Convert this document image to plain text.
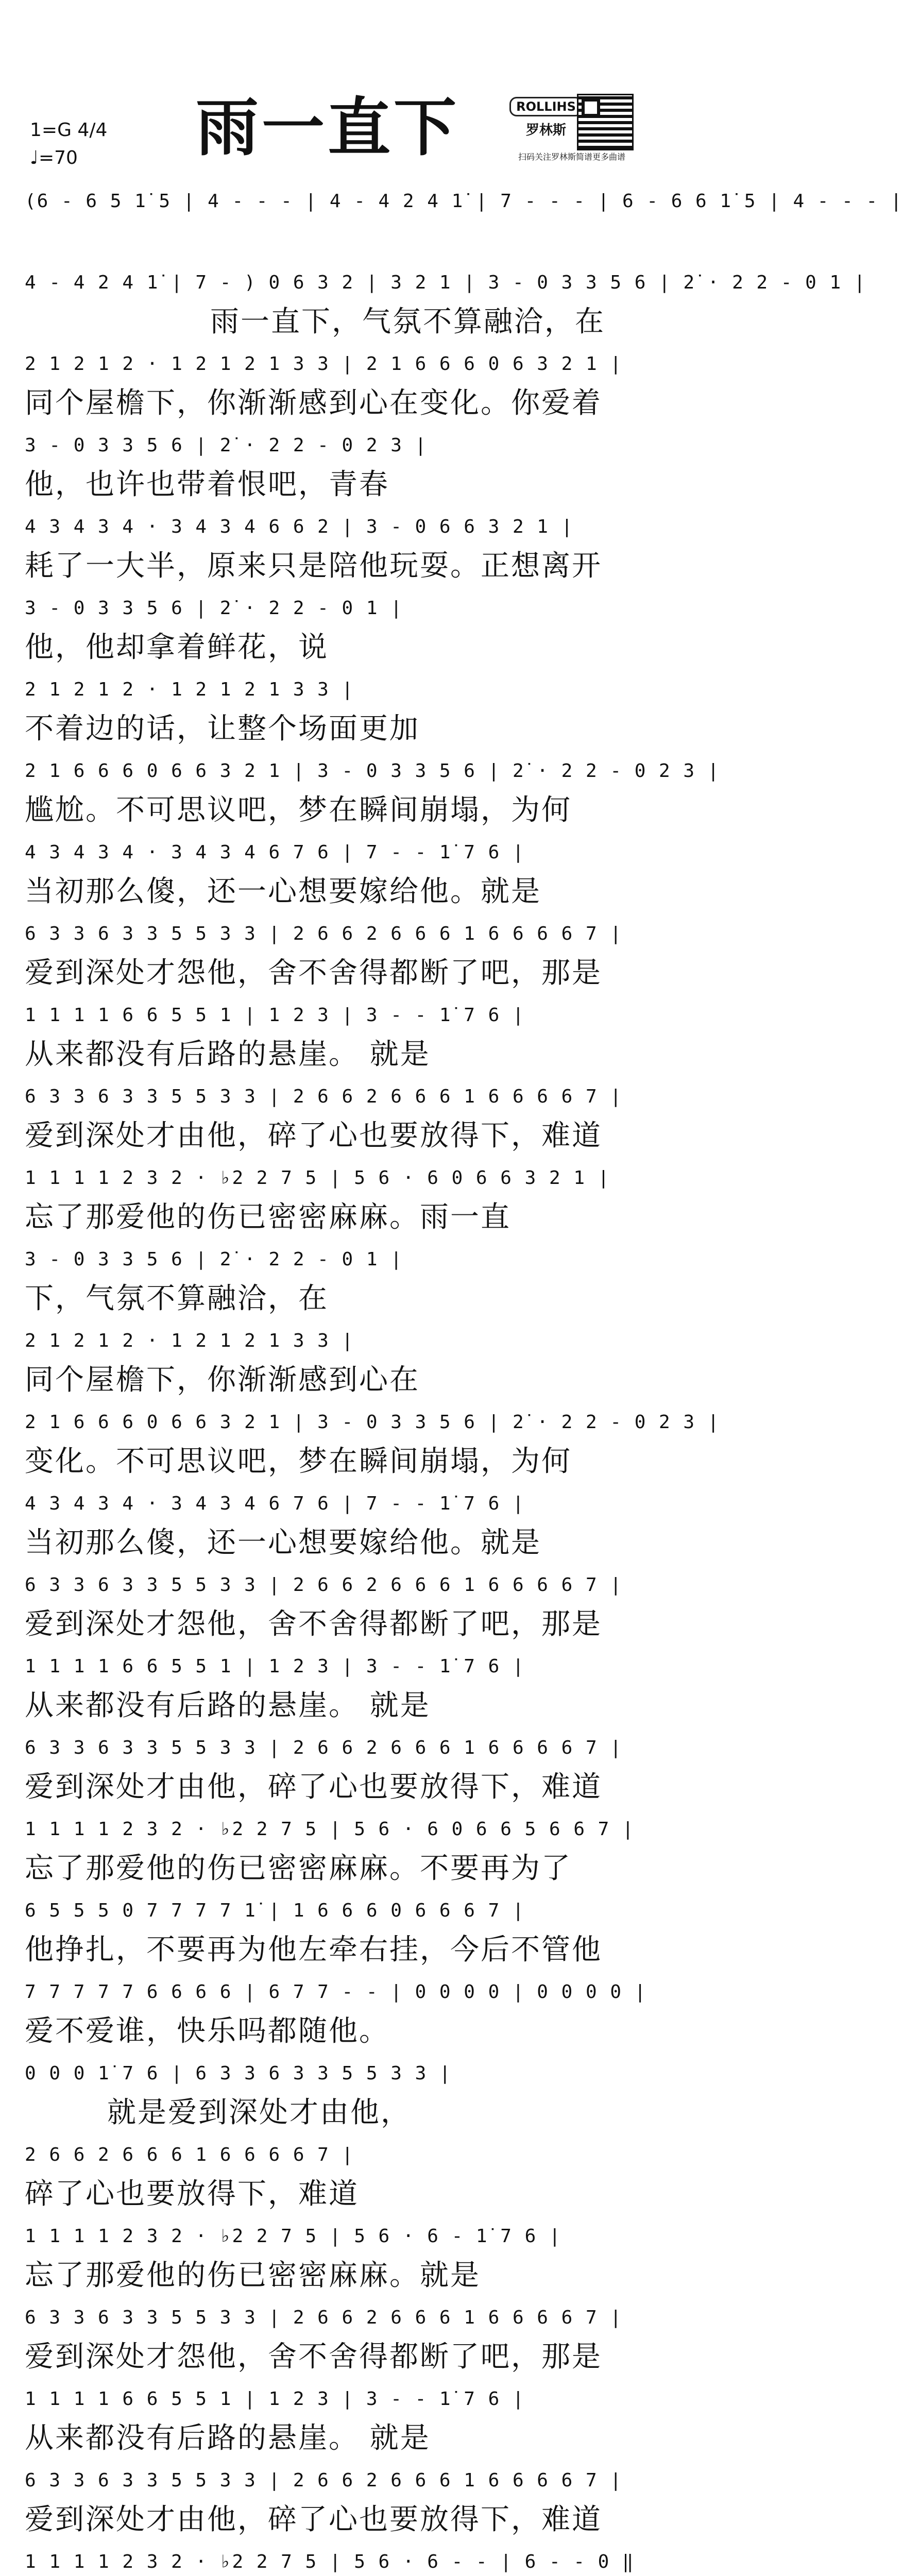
雨一直下
1=G 4/4
♩=70
ROLLIHS
罗林斯
扫码关注罗林斯简谱更多曲谱
(6 - 6 5 1̇ 5 | 4 - - - | 4 - 4 2 4 1̇ | 7 - - - | 6 - 6 6 1̇ 5 | 4 - - - |
4 - 4 2 4 1̇ | 7 - ) 0 6 3 2 | 3 2 1 | 3 - 0 3 3 5 6 | 2̇ · 2 2 - 0 1 |
雨一直下，气氛不算融洽，在
2 1 2 1 2 · 1 2 1 2 1 3 3 | 2 1 6 6 6 0 6 3 2 1 |
同个屋檐下，你渐渐感到心在变化。你爱着
3 - 0 3 3 5 6 | 2̇ · 2 2 - 0 2 3 |
他，也许也带着恨吧，青春
4 3 4 3 4 · 3 4 3 4 6 6 2 | 3 - 0 6 6 3 2 1 |
耗了一大半，原来只是陪他玩耍。正想离开
3 - 0 3 3 5 6 | 2̇ · 2 2 - 0 1 |
他，他却拿着鲜花，说
2 1 2 1 2 · 1 2 1 2 1 3 3 |
不着边的话，让整个场面更加
2 1 6 6 6 0 6 6 3 2 1 | 3 - 0 3 3 5 6 | 2̇ · 2 2 - 0 2 3 |
尴尬。不可思议吧，梦在瞬间崩塌，为何
4 3 4 3 4 · 3 4 3 4 6 7 6 | 7 - - 1̇ 7 6 |
当初那么傻，还一心想要嫁给他。就是
6 3 3 6 3 3 5 5 3 3 | 2 6 6 2 6 6 6 1 6 6 6 6 7 |
爱到深处才怨他，舍不舍得都断了吧，那是
1 1 1 1 6 6 5 5 1 | 1 2 3 | 3 - - 1̇ 7 6 |
从来都没有后路的悬崖。 就是
6 3 3 6 3 3 5 5 3 3 | 2 6 6 2 6 6 6 1 6 6 6 6 7 |
爱到深处才由他，碎了心也要放得下，难道
1 1 1 1 2 3 2 · ♭2 2 7 5 | 5 6 · 6 0 6 6 3 2 1 |
忘了那爱他的伤已密密麻麻。雨一直
3 - 0 3 3 5 6 | 2̇ · 2 2 - 0 1 |
下，气氛不算融洽，在
2 1 2 1 2 · 1 2 1 2 1 3 3 |
同个屋檐下，你渐渐感到心在
2 1 6 6 6 0 6 6 3 2 1 | 3 - 0 3 3 5 6 | 2̇ · 2 2 - 0 2 3 |
变化。不可思议吧，梦在瞬间崩塌，为何
4 3 4 3 4 · 3 4 3 4 6 7 6 | 7 - - 1̇ 7 6 |
当初那么傻，还一心想要嫁给他。就是
6 3 3 6 3 3 5 5 3 3 | 2 6 6 2 6 6 6 1 6 6 6 6 7 |
爱到深处才怨他，舍不舍得都断了吧，那是
1 1 1 1 6 6 5 5 1 | 1 2 3 | 3 - - 1̇ 7 6 |
从来都没有后路的悬崖。 就是
6 3 3 6 3 3 5 5 3 3 | 2 6 6 2 6 6 6 1 6 6 6 6 7 |
爱到深处才由他，碎了心也要放得下，难道
1 1 1 1 2 3 2 · ♭2 2 7 5 | 5 6 · 6 0 6 6 5 6 6 7 |
忘了那爱他的伤已密密麻麻。不要再为了
6 5 5 5 0 7 7 7 7 1̇ | 1 6 6 6 0 6 6 6 7 |
他挣扎，不要再为他左牵右挂，今后不管他
7 7 7 7 7 6 6 6 6 | 6 7 7 - - | 0 0 0 0 | 0 0 0 0 |
爱不爱谁，快乐吗都随他。
0 0 0 1̇ 7 6 | 6 3 3 6 3 3 5 5 3 3 |
就是爱到深处才由他，
2 6 6 2 6 6 6 1 6 6 6 6 7 |
碎了心也要放得下，难道
1 1 1 1 2 3 2 · ♭2 2 7 5 | 5 6 · 6 - 1̇ 7 6 |
忘了那爱他的伤已密密麻麻。就是
6 3 3 6 3 3 5 5 3 3 | 2 6 6 2 6 6 6 1 6 6 6 6 7 |
爱到深处才怨他，舍不舍得都断了吧，那是
1 1 1 1 6 6 5 5 1 | 1 2 3 | 3 - - 1̇ 7 6 |
从来都没有后路的悬崖。 就是
6 3 3 6 3 3 5 5 3 3 | 2 6 6 2 6 6 6 1 6 6 6 6 7 |
爱到深处才由他，碎了心也要放得下，难道
1 1 1 1 2 3 2 · ♭2 2 7 5 | 5 6 · 6 - - | 6 - - 0 ‖
